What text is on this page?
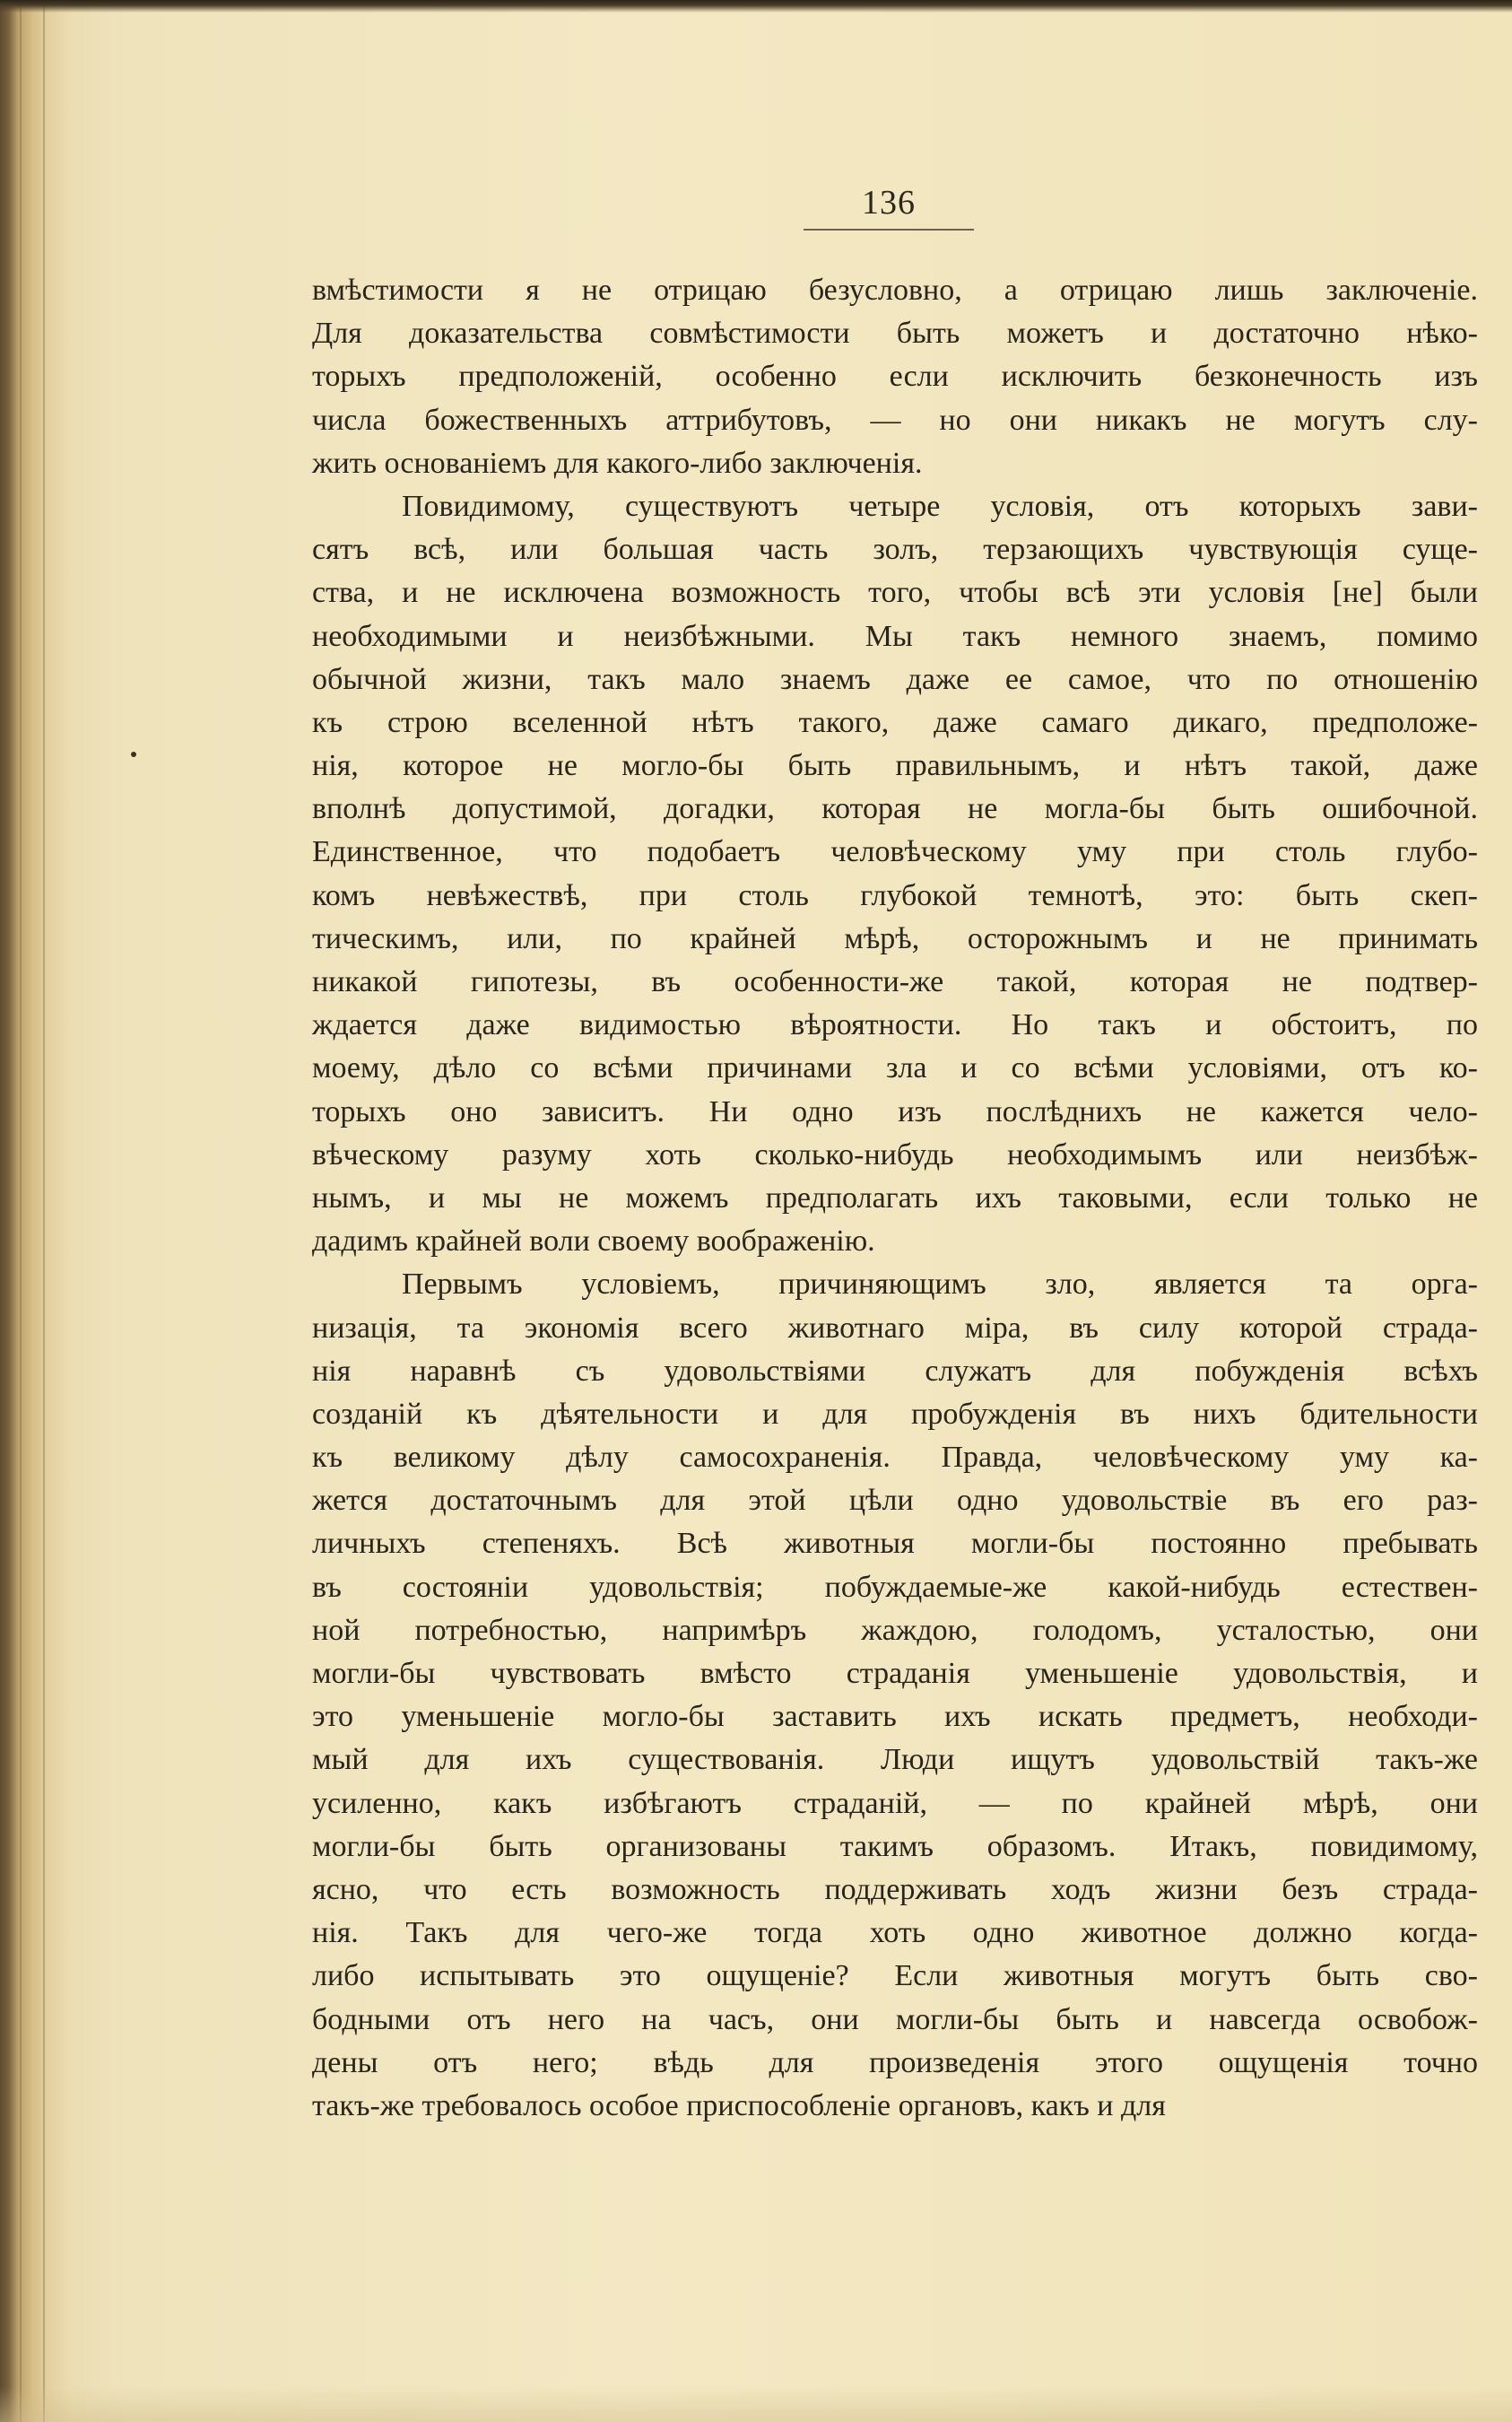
136
вмѣстимости я не отрицаю безусловно, а отрицаю лишь заключеніе.
Для доказательства совмѣстимости быть можетъ и достаточно нѣко-
торыхъ предположеній, особенно если исключить безконечность изъ
числа божественныхъ аттрибутовъ, — но они никакъ не могутъ слу-
жить основаніемъ для какого-либо заключенія.
Повидимому, существуютъ четыре условія, отъ которыхъ зави-
сятъ всѣ, или большая часть золъ, терзающихъ чувствующія суще-
ства, и не исключена возможность того, чтобы всѣ эти условія [не] были
необходимыми и неизбѣжными. Мы такъ немного знаемъ, помимо
обычной жизни, такъ мало знаемъ даже ее самое, что по отношенію
къ строю вселенной нѣтъ такого, даже самаго дикаго, предположе-
нія, которое не могло-бы быть правильнымъ, и нѣтъ такой, даже
вполнѣ допустимой, догадки, которая не могла-бы быть ошибочной.
Единственное, что подобаетъ человѣческому уму при столь глубо-
комъ невѣжествѣ, при столь глубокой темнотѣ, это: быть скеп-
тическимъ, или, по крайней мѣрѣ, осторожнымъ и не принимать
никакой гипотезы, въ особенности-же такой, которая не подтвер-
ждается даже видимостью вѣроятности. Но такъ и обстоитъ, по
моему, дѣло со всѣми причинами зла и со всѣми условіями, отъ ко-
торыхъ оно зависитъ. Ни одно изъ послѣднихъ не кажется чело-
вѣческому разуму хоть сколько-нибудь необходимымъ или неизбѣж-
нымъ, и мы не можемъ предполагать ихъ таковыми, если только не
дадимъ крайней воли своему воображенію.
Первымъ условіемъ, причиняющимъ зло, является та орга-
низація, та экономія всего животнаго міра, въ силу которой страда-
нія наравнѣ съ удовольствіями служатъ для побужденія всѣхъ
созданій къ дѣятельности и для пробужденія въ нихъ бдительности
къ великому дѣлу самосохраненія. Правда, человѣческому уму ка-
жется достаточнымъ для этой цѣли одно удовольствіе въ его раз-
личныхъ степеняхъ. Всѣ животныя могли-бы постоянно пребывать
въ состояніи удовольствія; побуждаемые-же какой-нибудь естествен-
ной потребностью, напримѣръ жаждою, голодомъ, усталостью, они
могли-бы чувствовать вмѣсто страданія уменьшеніе удовольствія, и
это уменьшеніе могло-бы заставить ихъ искать предметъ, необходи-
мый для ихъ существованія. Люди ищутъ удовольствій такъ-же
усиленно, какъ избѣгаютъ страданій, — по крайней мѣрѣ, они
могли-бы быть организованы такимъ образомъ. Итакъ, повидимому,
ясно, что есть возможность поддерживать ходъ жизни безъ страда-
нія. Такъ для чего-же тогда хоть одно животное должно когда-
либо испытывать это ощущеніе? Если животныя могутъ быть сво-
бодными отъ него на часъ, они могли-бы быть и навсегда освобож-
дены отъ него; вѣдь для произведенія этого ощущенія точно
такъ-же требовалось особое приспособленіе органовъ, какъ и для
